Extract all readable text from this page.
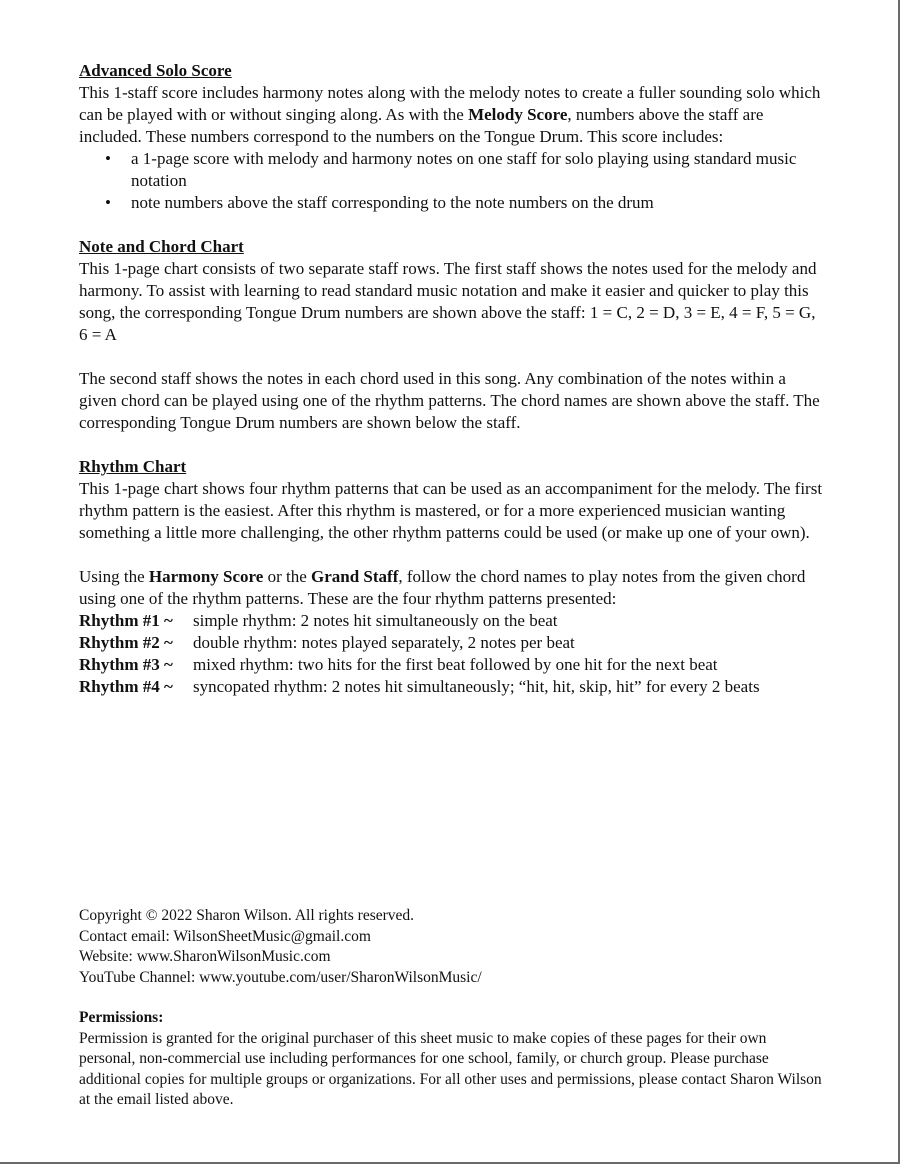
Advanced Solo Score

This 1-staff score includes harmony notes along with the melody notes to create a fuller sounding solo which can be played with or without singing along. As with the Melody Score, numbers above the staff are included. These numbers correspond to the numbers on the Tongue Drum. This score includes:

• a 1-page score with melody and harmony notes on one staff for solo playing using standard music notation
• note numbers above the staff corresponding to the note numbers on the drum

Note and Chord Chart

This 1-page chart consists of two separate staff rows. The first staff shows the notes used for the melody and harmony. To assist with learning to read standard music notation and make it easier and quicker to play this song, the corresponding Tongue Drum numbers are shown above the staff: 1 = C, 2 = D, 3 = E, 4 = F, 5 = G, 6 = A

The second staff shows the notes in each chord used in this song. Any combination of the notes within a given chord can be played using one of the rhythm patterns. The chord names are shown above the staff. The corresponding Tongue Drum numbers are shown below the staff.

Rhythm Chart

This 1-page chart shows four rhythm patterns that can be used as an accompaniment for the melody. The first rhythm pattern is the easiest. After this rhythm is mastered, or for a more experienced musician wanting something a little more challenging, the other rhythm patterns could be used (or make up one of your own).

Using the Harmony Score or the Grand Staff, follow the chord names to play notes from the given chord using one of the rhythm patterns. These are the four rhythm patterns presented:

Rhythm #1 ~	simple rhythm: 2 notes hit simultaneously on the beat
Rhythm #2 ~	double rhythm: notes played separately, 2 notes per beat
Rhythm #3 ~	mixed rhythm: two hits for the first beat followed by one hit for the next beat
Rhythm #4 ~	syncopated rhythm: 2 notes hit simultaneously; “hit, hit, skip, hit” for every 2 beats

Copyright © 2022 Sharon Wilson. All rights reserved.

Contact email: WilsonSheetMusic@gmail.com

Website: www.SharonWilsonMusic.com

YouTube Channel: www.youtube.com/user/SharonWilsonMusic/

Permissions:

Permission is granted for the original purchaser of this sheet music to make copies of these pages for their own personal, non-commercial use including performances for one school, family, or church group. Please purchase additional copies for multiple groups or organizations. For all other uses and permissions, please contact Sharon Wilson at the email listed above.
